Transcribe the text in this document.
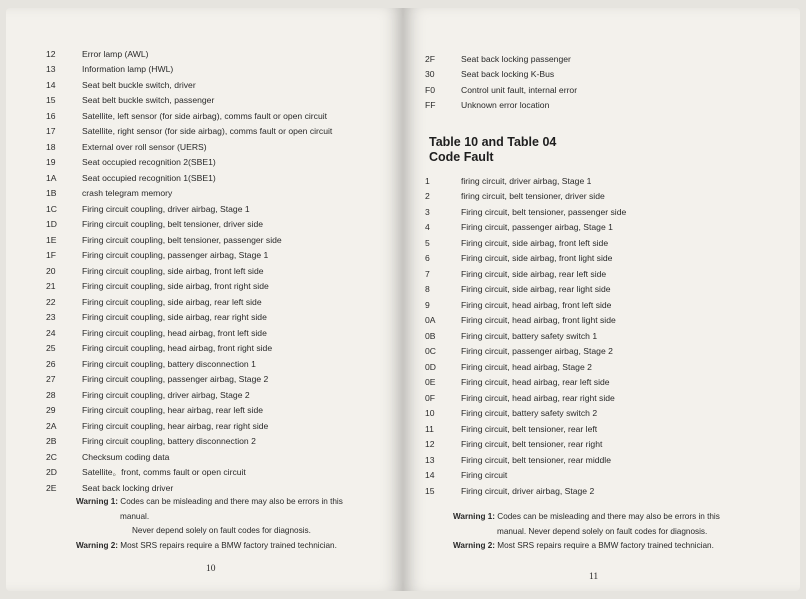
12	Error lamp (AWL)
13	Information lamp (HWL)
14	Seat belt buckle switch, driver
15	Seat belt buckle switch, passenger
16	Satellite, left sensor (for side airbag), comms fault or open circuit
17	Satellite, right sensor (for side airbag), comms fault or open circuit
18	External over roll sensor (UERS)
19	Seat occupied recognition 2(SBE1)
1A	Seat occupied recognition 1(SBE1)
1B	crash telegram memory
1C	Firing circuit coupling, driver airbag, Stage 1
1D	Firing circuit coupling, belt tensioner, driver side
1E	Firing circuit coupling, belt tensioner, passenger side
1F	Firing circuit coupling, passenger airbag, Stage 1
20	Firing circuit coupling, side airbag, front left side
21	Firing circuit coupling, side airbag, front right side
22	Firing circuit coupling, side airbag, rear left side
23	Firing circuit coupling, side airbag, rear right side
24	Firing circuit coupling, head airbag, front left side
25	Firing circuit coupling, head airbag, front right side
26	Firing circuit coupling, battery disconnection 1
27	Firing circuit coupling, passenger airbag, Stage 2
28	Firing circuit coupling, driver airbag, Stage 2
29	Firing circuit coupling, hear airbag, rear left side
2A	Firing circuit coupling, hear airbag, rear right side
2B	Firing circuit coupling, battery disconnection 2
2C	Checksum coding data
2D	Satellite。front, comms fault or open circuit
2E	Seat back locking driver
Warning 1: Codes can be misleading and there may also be errors in this
manual.
Never depend solely on fault codes for diagnosis.
Warning 2: Most SRS repairs require a BMW factory trained technician.
10
2F	Seat back locking passenger
30	Seat back locking K-Bus
F0	Control unit fault, internal error
FF	Unknown error location
Table 10 and Table 04
Code Fault
1	firing circuit, driver airbag, Stage 1
2	firing circuit, belt tensioner, driver side
3	Firing circuit, belt tensioner, passenger side
4	Firing circuit, passenger airbag, Stage 1
5	Firing circuit, side airbag, front left side
6	Firing circuit, side airbag, front light side
7	Firing circuit, side airbag, rear left side
8	Firing circuit, side airbag, rear light side
9	Firing circuit, head airbag, front left side
0A	Firing circuit, head airbag, front light side
0B	Firing circuit, battery safety switch 1
0C	Firing circuit, passenger airbag, Stage 2
0D	Firing circuit, head airbag, Stage 2
0E	Firing circuit, head airbag, rear left side
0F	Firing circuit, head airbag, rear right side
10	Firing circuit, battery safety switch 2
11	Firing circuit, belt tensioner, rear left
12	Firing circuit, belt tensioner, rear right
13	Firing circuit, belt tensioner, rear middle
14	Firing circuit
15	Firing circuit, driver airbag, Stage 2
Warning 1: Codes can be misleading and there may also be errors in this
manual. Never depend solely on fault codes for diagnosis.
Warning 2: Most SRS repairs require a BMW factory trained technician.
11
